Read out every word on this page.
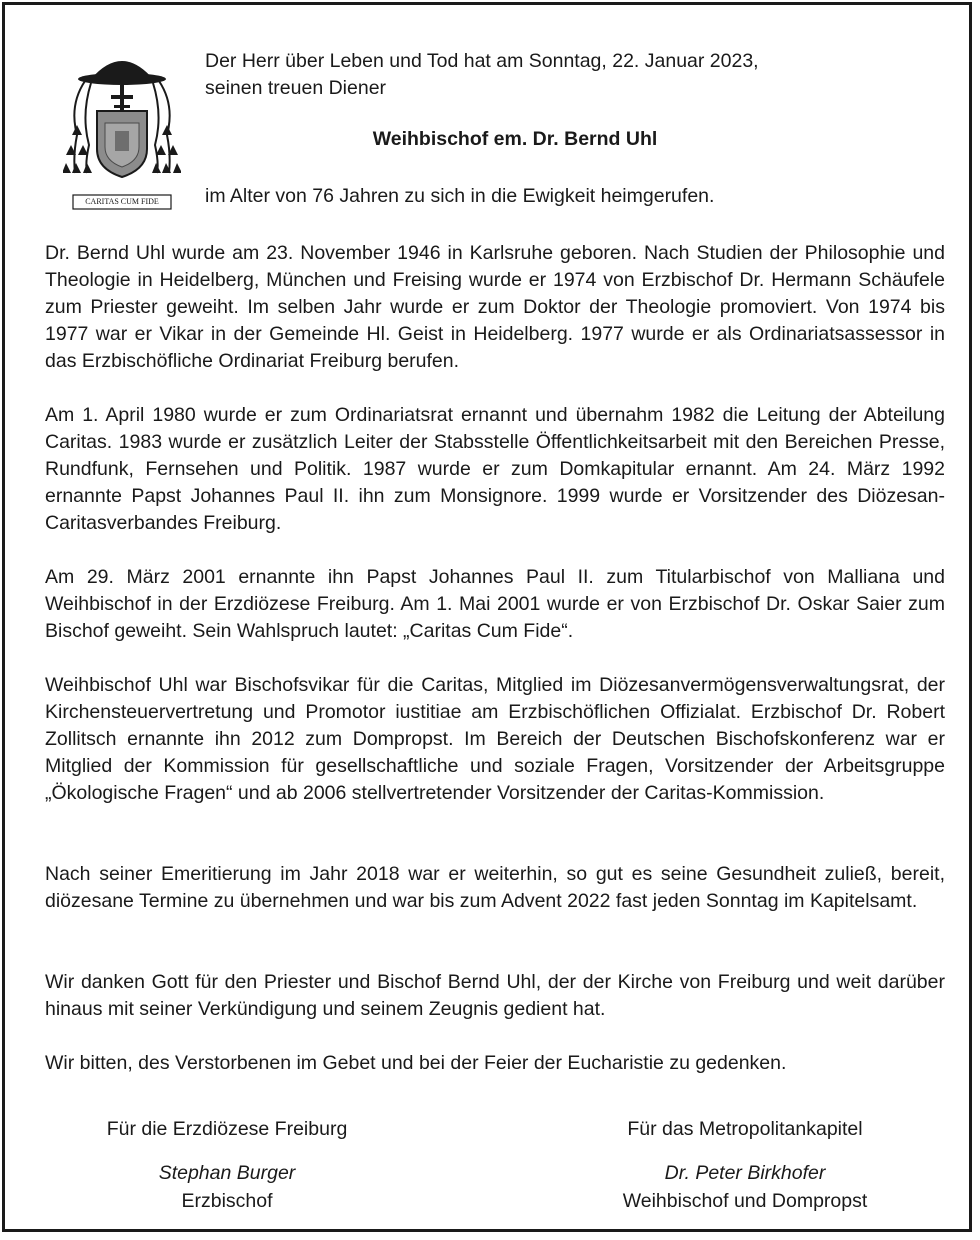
CARITAS CUM FIDE
Der Herr über Leben und Tod hat am Sonntag, 22. Januar 2023,
seinen treuen Diener
Weihbischof em. Dr. Bernd Uhl
im Alter von 76 Jahren zu sich in die Ewigkeit heimgerufen.

Dr. Bernd Uhl wurde am 23. November 1946 in Karlsruhe geboren. Nach Studien der Philosophie und Theologie in Heidelberg, München und Freising wurde er 1974 von Erzbischof Dr. Hermann Schäufele zum Priester geweiht. Im selben Jahr wurde er zum Doktor der Theologie promoviert. Von 1974 bis 1977 war er Vikar in der Gemeinde Hl. Geist in Heidelberg. 1977 wurde er als Ordinariatsassessor in das Erzbischöfliche Ordinariat Freiburg berufen.

Am 1. April 1980 wurde er zum Ordinariatsrat ernannt und übernahm 1982 die Leitung der Abteilung Caritas. 1983 wurde er zusätzlich Leiter der Stabsstelle Öffentlichkeitsarbeit mit den Bereichen Presse, Rundfunk, Fernsehen und Politik. 1987 wurde er zum Domkapitular ernannt. Am 24. März 1992 ernannte Papst Johannes Paul II. ihn zum Monsignore. 1999 wurde er Vorsitzender des Diözesan-Caritasverbandes Freiburg.

Am 29. März 2001 ernannte ihn Papst Johannes Paul II. zum Titularbischof von Malliana und Weihbischof in der Erzdiözese Freiburg. Am 1. Mai 2001 wurde er von Erzbischof Dr. Oskar Saier zum Bischof geweiht. Sein Wahlspruch lautet: „Caritas Cum Fide“.

Weihbischof Uhl war Bischofsvikar für die Caritas, Mitglied im Diözesanvermögensverwaltungsrat, der Kirchensteuervertretung und Promotor iustitiae am Erzbischöflichen Offizialat. Erzbischof Dr. Robert Zollitsch ernannte ihn 2012 zum Dompropst. Im Bereich der Deutschen Bischofskonferenz war er Mitglied der Kommission für gesellschaftliche und soziale Fragen, Vorsitzender der Arbeitsgruppe „Ökologische Fragen“ und ab 2006 stellvertretender Vorsitzender der Caritas-Kommission.

Nach seiner Emeritierung im Jahr 2018 war er weiterhin, so gut es seine Gesundheit zuließ, bereit, diözesane Termine zu übernehmen und war bis zum Advent 2022 fast jeden Sonntag im Kapitelsamt.

Wir danken Gott für den Priester und Bischof Bernd Uhl, der der Kirche von Freiburg und weit darüber hinaus mit seiner Verkündigung und seinem Zeugnis gedient hat.

Wir bitten, des Verstorbenen im Gebet und bei der Feier der Eucharistie zu gedenken.

Für die Erzdiözese Freiburg
Stephan Burger
Erzbischof
Für das Metropolitankapitel
Dr. Peter Birkhofer
Weihbischof und Dompropst
